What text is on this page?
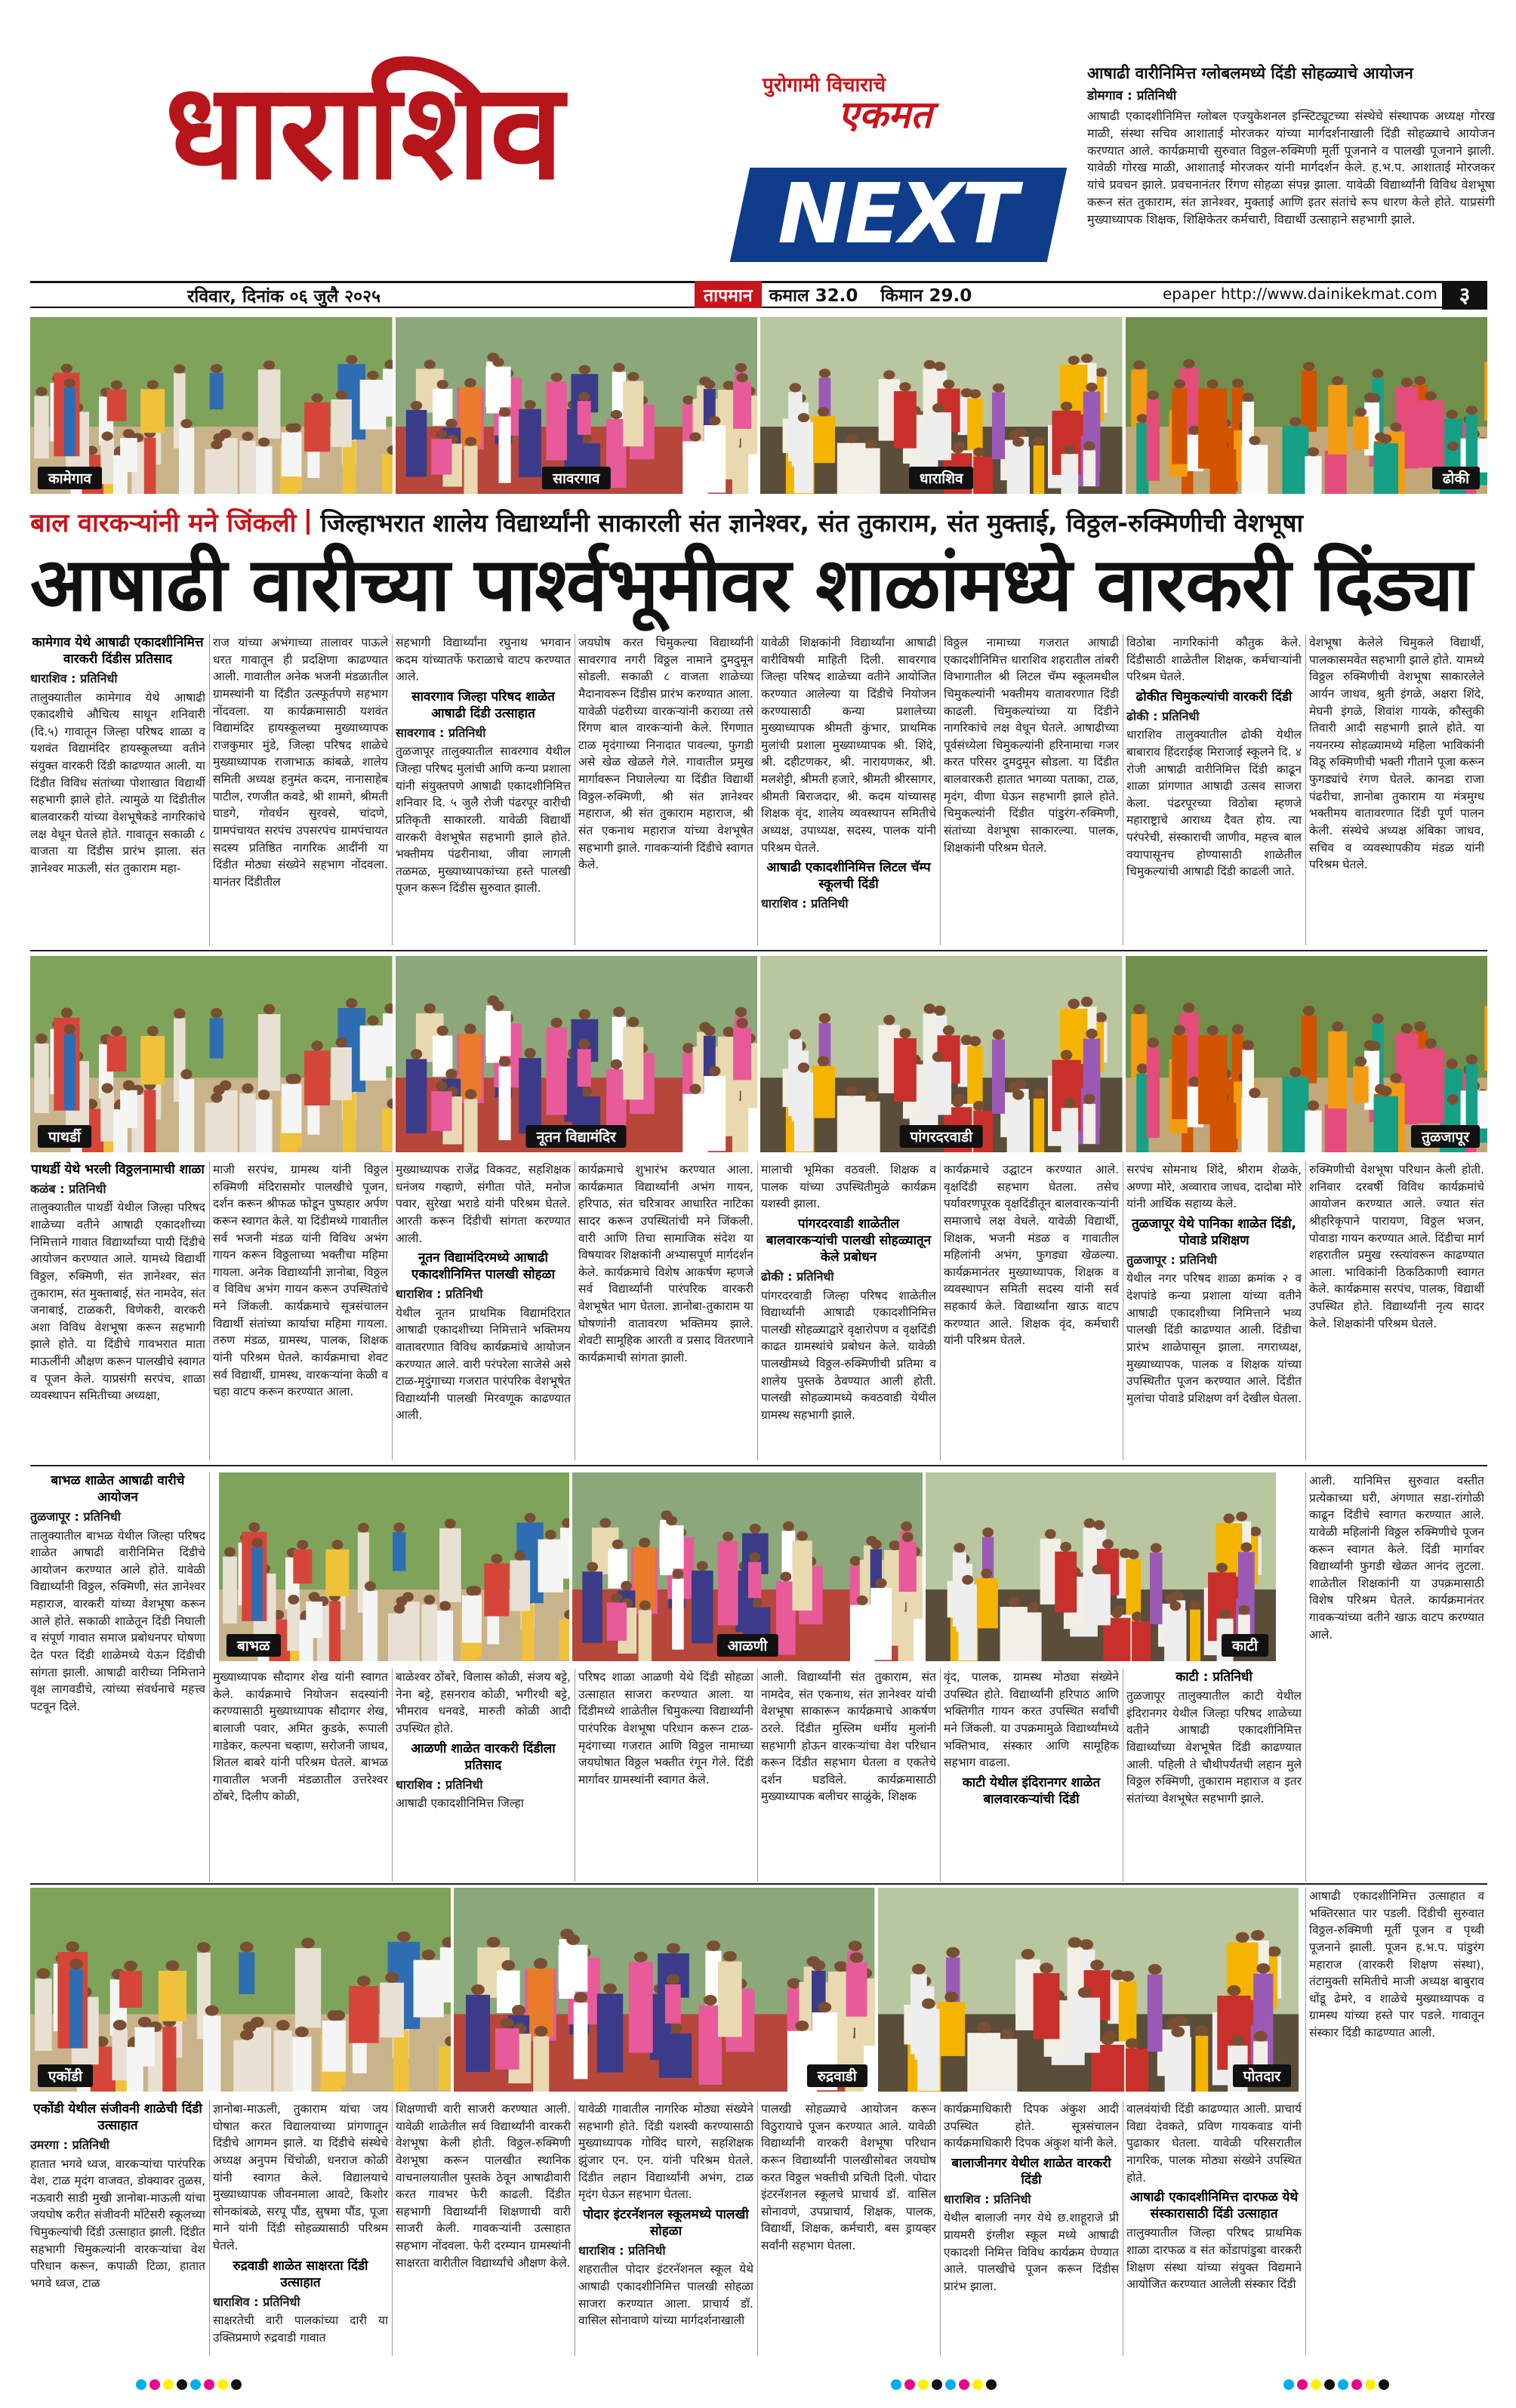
धाराशिव	पुरोगामी विचाराचे
एकमत
NEXT
आषाढी वारीनिमित्त ग्लोबलमध्ये दिंडी सोहळ्याचे आयोजन
डोमगाव : प्रतिनिधी
आषाढी एकादशीनिमित्त ग्लोबल एज्युकेशनल इन्स्टिट्यूटच्या संस्थेचे संस्थापक अध्यक्ष गोरख माळी, संस्था सचिव आशाताई मोरजकर यांच्या मार्गदर्शनाखाली दिंडी सोहळ्याचे आयोजन करण्यात आले. कार्यक्रमाची सुरुवात विठ्ठल-रुक्मिणी मूर्ती पूजनाने व पालखी पूजनाने झाली. यावेळी गोरख माळी, आशाताई मोरजकर यांनी मार्गदर्शन केले. ह.भ.प. आशाताई मोरजकर यांचे प्रवचन झाले. प्रवचनानंतर रिंगण सोहळा संपन्न झाला. यावेळी विद्यार्थ्यांनी विविध वेशभूषा करून संत तुकाराम, संत ज्ञानेश्वर, मुक्ताई आणि इतर संतांचे रूप धारण केले होते. याप्रसंगी मुख्याध्यापक शिक्षक, शिक्षिकेतर कर्मचारी, विद्यार्थी उत्साहाने सहभागी झाले.
रविवार, दिनांक ०६ जुलै २०२५	तापमान कमाल 32.0 किमान 29.0	epaper http://www.dainikekmat.com	३
कामेगाव	सावरगाव	धाराशिव	ढोकी
बाल वारकऱ्यांनी मने जिंकली जिल्हाभरात शालेय विद्यार्थ्यांनी साकारली संत ज्ञानेश्वर, संत तुकाराम, संत मुक्ताई, विठ्ठल-रुक्मिणीची वेशभूषा
आषाढी वारीच्या पार्श्वभूमीवर शाळांमध्ये वारकरी दिंड्या
पाथर्डी	नूतन विद्यामंदिर	पांगरदरवाडी	तुळजापूर
बाभळ	आळणी	काटी
एकोंडी	रुद्रवाडी	पोतदार
कामेगाव येथे आषाढी एकादशीनिमित्त वारकरी दिंडीस प्रतिसाद
धाराशिव : प्रतिनिधी

तालुक्यातील कामेगाव येथे आषाढी एकादशीचे औचित्य साधून शनिवारी (दि.५) गावातून जिल्हा परिषद शाळा व यशवंत विद्यामंदिर हायस्कूलच्या वतीने संयुक्त वारकरी दिंडी काढण्यात आली. या दिंडीत विविध संतांच्या पोशाखात विद्यार्थी सहभागी झाले होते. त्यामुळे या दिंडीतील बालवारकरी यांच्या वेशभूषेकडे नागरिकांचे लक्ष वेधून घेतले होते. गावातून सकाळी ८ वाजता या दिंडीस प्रारंभ झाला. संत ज्ञानेश्वर माऊली, संत तुकाराम महा-

राज यांच्या अभंगाच्या तालावर पाऊले धरत गावातून ही प्रदक्षिणा काढण्यात आली. गावातील अनेक भजनी मंडळातील ग्रामस्थांनी या दिंडीत उत्स्फूर्तपणे सहभाग नोंदवला. या कार्यक्रमासाठी यशवंत विद्यामंदिर हायस्कूलच्या मुख्याध्यापक राजकुमार मुंडे, जिल्हा परिषद शाळेचे मुख्याध्यापक राजाभाऊ कांबळे, शालेय समिती अध्यक्ष हनुमंत कदम, नानासाहेब पाटील, रणजीत कवडे, श्री शामगे, श्रीमती घाडगे, गोवर्धन सुरवसे, चांदणे, ग्रामपंचायत सरपंच उपसरपंच ग्रामपंचायत सदस्य प्रतिष्ठित नागरिक आदींनी या दिंडीत मोठ्या संख्येने सहभाग नोंदवला. यानंतर दिंडीतील

सहभागी विद्यार्थ्यांना रघुनाथ भगवान कदम यांच्यातर्फे फराळाचे वाटप करण्यात आले.

सावरगाव जिल्हा परिषद शाळेत आषाढी दिंडी उत्साहात
सावरगाव : प्रतिनिधी

तुळजापूर तालुक्यातील सावरगाव येथील जिल्हा परिषद मुलांची आणि कन्या प्रशाला यांनी संयुक्तपणे आषाढी एकादशीनिमित्त शनिवार दि. ५ जुलै रोजी पंढरपूर वारीची प्रतिकृती साकारली. यावेळी विद्यार्थी वारकरी वेशभूषेत सहभागी झाले होते. भक्तीमय पंढरीनाथा, जीवा लागली तळमळ, मुख्याध्यापकांच्या हस्ते पालखी पूजन करून दिंडीस सुरुवात झाली.

जयघोष करत चिमुकल्या विद्यार्थ्यांनी सावरगाव नगरी विठ्ठल नामाने दुमदुमून सोडली. सकाळी ८ वाजता शाळेच्या मैदानावरून दिंडीस प्रारंभ करण्यात आला. यावेळी पंढरीच्या वारकऱ्यांनी कराव्या तसे रिंगण बाल वारकऱ्यांनी केले. रिंगणात टाळ मृदंगाच्या निनादात पावल्या, फुगडी असे खेळ खेळले गेले. गावातील प्रमुख मार्गावरून निघालेल्या या दिंडीत विद्यार्थी विठ्ठल-रुक्मिणी, श्री संत ज्ञानेश्वर महाराज, श्री संत तुकाराम महाराज, श्री संत एकनाथ महाराज यांच्या वेशभूषेत सहभागी झाले. गावकऱ्यांनी दिंडीचे स्वागत केले.

यावेळी शिक्षकांनी विद्यार्थ्यांना आषाढी वारीविषयी माहिती दिली. सावरगाव जिल्हा परिषद शाळेच्या वतीने आयोजित करण्यात आलेल्या या दिंडीचे नियोजन करण्यासाठी कन्या प्रशालेच्या मुख्याध्यापक श्रीमती कुंभार, प्राथमिक मुलांची प्रशाला मुख्याध्यापक श्री. शिंदे, श्री. दहीटणकर, श्री. नारायणकर, श्री. मलशेट्टी, श्रीमती हजारे, श्रीमती श्रीरसागर, श्रीमती बिराजदार, श्री. कदम यांच्यासह शिक्षक वृंद, शालेय व्यवस्थापन समितीचे अध्यक्ष, उपाध्यक्ष, सदस्य, पालक यांनी परिश्रम घेतले.

आषाढी एकादशीनिमित्त लिटल चॅम्प स्कूलची दिंडी
धाराशिव : प्रतिनिधी

विठ्ठल नामाच्या गजरात आषाढी एकादशीनिमित्त धाराशिव शहरातील तांबरी विभागातील श्री लिटल चॅम्प स्कूलमधील चिमुकल्यांनी भक्तीमय वातावरणात दिंडी काढली. चिमुकल्यांच्या या दिंडीने नागरिकांचे लक्ष वेधून घेतले. आषाढीच्या पूर्वसंध्येला चिमुकल्यांनी हरिनामाचा गजर करत परिसर दुमदुमून सोडला. या दिंडीत बालवारकरी हातात भगव्या पताका, टाळ, मृदंग, वीणा घेऊन सहभागी झाले होते. चिमुकल्यांनी दिंडीत पांडुरंग-रुक्मिणी, संतांच्या वेशभूषा साकारल्या. पालक, शिक्षकांनी परिश्रम घेतले.

विठोबा नागरिकांनी कौतुक केले. दिंडीसाठी शाळेतील शिक्षक, कर्मचाऱ्यांनी परिश्रम घेतले.

ढोकीत चिमुकल्यांची वारकरी दिंडी
ढोकी : प्रतिनिधी

धाराशिव तालुक्यातील ढोकी येथील बाबाराव हिंदराईव्ह मिराजाई स्कूलने दि. ४ रोजी आषाढी वारीनिमित्त दिंडी काढून शाळा प्रांगणात आषाढी उत्सव साजरा केला. पंढरपूरच्या विठोबा म्हणजे महाराष्ट्राचे आराध्य दैवत होय. त्या परंपरेची, संस्काराची जाणीव, महत्त्व बाल वयापासूनच होण्यासाठी शाळेतील चिमुकल्यांची आषाढी दिंडी काढली जाते.

वेशभूषा केलेले चिमुकले विद्यार्थी, पालकासमवेत सहभागी झाले होते. यामध्ये विठ्ठल रुक्मिणीची वेशभूषा साकारलेले आर्यन जाधव, श्रुती इंगळे, अक्षरा शिंदे, मेघनी इंगळे, शिवांश गायके, कौस्तुकी तिवारी आदी सहभागी झाले होते. या नयनरम्य सोहळ्यामध्ये महिला भाविकांनी विठू रुक्मिणीची भक्ती गीताने पूजा करून फुगड्यांचे रंगण घेतले. कानडा राजा पंढरीचा, ज्ञानोबा तुकाराम या मंत्रमुग्ध भक्तीमय वातावरणात दिंडी पूर्ण पालन केली. संस्थेचे अध्यक्ष अंबिका जाधव, सचिव व व्यवस्थापकीय मंडळ यांनी परिश्रम घेतले.

पाथर्डी येथे भरली विठ्ठलनामाची शाळा
कळंब : प्रतिनिधी

तालुक्यातील पाथर्डी येथील जिल्हा परिषद शाळेच्या वतीने आषाढी एकादशीच्या निमित्ताने गावात विद्यार्थ्यांच्या पायी दिंडीचे आयोजन करण्यात आले. यामध्ये विद्यार्थी विठ्ठल, रुक्मिणी, संत ज्ञानेश्वर, संत तुकाराम, संत मुक्ताबाई, संत नामदेव, संत जनाबाई, टाळकरी, विणेकरी, वारकरी अशा विविध वेशभूषा करून सहभागी झाले होते. या दिंडीचे गावभरात माता माऊलींनी औक्षण करून पालखीचे स्वागत व पूजन केले. याप्रसंगी सरपंच, शाळा व्यवस्थापन समितीच्या अध्यक्षा,

माजी सरपंच, ग्रामस्थ यांनी विठ्ठल रुक्मिणी मंदिरासमोर पालखीचे पूजन, दर्शन करून श्रीफळ फोडून पुष्पहार अर्पण करून स्वागत केले. या दिंडीमध्ये गावातील सर्व भजनी मंडळ यांनी विविध अभंग गायन करून विठ्ठलाच्या भक्तीचा महिमा गायला. अनेक विद्यार्थ्यांनी ज्ञानोबा, विठ्ठल व विविध अभंग गायन करून उपस्थितांचे मने जिंकली. कार्यक्रमाचे सूत्रसंचालन विद्यार्थी संतांच्या कार्याचा महिमा गायला. तरुण मंडळ, ग्रामस्थ, पालक, शिक्षक यांनी परिश्रम घेतले. कार्यक्रमाचा शेवट सर्व विद्यार्थी, ग्रामस्थ, वारकऱ्यांना केळी व चहा वाटप करून करण्यात आला.

मुख्याध्यापक राजेंद्र विकवट, सहशिक्षक धनंजय गव्हाणे, संगीता पोते, मनोज पवार, सुरेखा भराडे यांनी परिश्रम घेतले. आरती करून दिंडीची सांगता करण्यात आली.

नूतन विद्यामंदिरमध्ये आषाढी एकादशीनिमित्त पालखी सोहळा
धाराशिव : प्रतिनिधी

येथील नूतन प्राथमिक विद्यामंदिरात आषाढी एकादशीच्या निमित्ताने भक्तिमय वातावरणात विविध कार्यक्रमांचे आयोजन करण्यात आले. वारी परंपरेला साजेसे असे टाळ-मृदुंगाच्या गजरात पारंपरिक वेशभूषेत विद्यार्थ्यांनी पालखी मिरवणूक काढण्यात आली.

कार्यक्रमाचे शुभारंभ करण्यात आला. कार्यक्रमात विद्यार्थ्यांनी अभंग गायन, हरिपाठ, संत चरित्रावर आधारित नाटिका सादर करून उपस्थितांची मने जिंकली. वारी आणि तिचा सामाजिक संदेश या विषयावर शिक्षकांनी अभ्यासपूर्ण मार्गदर्शन केले. कार्यक्रमाचे विशेष आकर्षण म्हणजे सर्व विद्यार्थ्यांनी पारंपरिक वारकरी वेशभूषेत भाग घेतला. ज्ञानोबा-तुकाराम या घोषणांनी वातावरण भक्तिमय झाले. शेवटी सामूहिक आरती व प्रसाद वितरणाने कार्यक्रमाची सांगता झाली.

मालाची भूमिका वठवली. शिक्षक व पालक यांच्या उपस्थितीमुळे कार्यक्रम यशस्वी झाला.

पांगरदरवाडी शाळेतील बालवारकऱ्यांची पालखी सोहळ्यातून केले प्रबोधन
ढोकी : प्रतिनिधी

पांगरदरवाडी जिल्हा परिषद शाळेतील विद्यार्थ्यांनी आषाढी एकादशीनिमित्त पालखी सोहळ्याद्वारे वृक्षारोपण व वृक्षदिंडी काढत ग्रामस्थांचे प्रबोधन केले. यावेळी पालखीमध्ये विठ्ठल-रुक्मिणीची प्रतिमा व शालेय पुस्तके ठेवण्यात आली होती. पालखी सोहळ्यामध्ये कवठवाडी येथील ग्रामस्थ सहभागी झाले.

कार्यक्रमाचे उद्घाटन करण्यात आले. वृक्षदिंडी सहभाग घेतला. तसेच पर्यावरणपूरक वृक्षदिंडीतून बालवारकऱ्यांनी समाजाचे लक्ष वेधले. यावेळी विद्यार्थी, शिक्षक, भजनी मंडळ व गावातील महिलांनी अभंग, फुगड्या खेळल्या. कार्यक्रमानंतर मुख्याध्यापक, शिक्षक व व्यवस्थापन समिती सदस्य यांनी सर्व सहकार्य केले. विद्यार्थ्यांना खाऊ वाटप करण्यात आले. शिक्षक वृंद, कर्मचारी यांनी परिश्रम घेतले.

सरपंच सोमनाथ शिंदे, श्रीराम शेळके, अण्णा मोरे, अव्वाराव जाधव, दादोबा मोरे यांनी आर्थिक सहाय्य केले.

तुळजापूर येथे पानिका शाळेत दिंडी, पोवाडे प्रशिक्षण
तुळजापूर : प्रतिनिधी

येथील नगर परिषद शाळा क्रमांक २ व देशपांडे कन्या प्रशाला यांच्या वतीने आषाढी एकादशीच्या निमित्ताने भव्य पालखी दिंडी काढण्यात आली. दिंडीचा प्रारंभ शाळेपासून झाला. नगराध्यक्ष, मुख्याध्यापक, पालक व शिक्षक यांच्या उपस्थितीत पूजन करण्यात आले. दिंडीत मुलांचा पोवाडे प्रशिक्षण वर्ग देखील घेतला.

रुक्मिणीची वेशभूषा परिधान केली होती. शनिवार दरवर्षी विविध कार्यक्रमांचे आयोजन करण्यात आले. ज्यात संत श्रीहरिकृपाने पारायण, विठ्ठल भजन, पोवाडा गायन करण्यात आले. दिंडीचा मार्ग शहरातील प्रमुख रस्त्यांवरून काढण्यात आला. भाविकांनी ठिकठिकाणी स्वागत केले. कार्यक्रमास सरपंच, पालक, विद्यार्थी उपस्थित होते. विद्यार्थ्यांनी नृत्य सादर केले. शिक्षकांनी परिश्रम घेतले.

बाभळ शाळेत आषाढी वारीचे आयोजन
तुळजापूर : प्रतिनिधी

तालुक्यातील बाभळ येथील जिल्हा परिषद शाळेत आषाढी वारीनिमित्त दिंडीचे आयोजन करण्यात आले होते. यावेळी विद्यार्थ्यांनी विठ्ठल, रुक्मिणी, संत ज्ञानेश्वर महाराज, वारकरी यांच्या वेशभूषा करून आले होते. सकाळी शाळेतून दिंडी निघाली व संपूर्ण गावात समाज प्रबोधनपर घोषणा देत परत दिंडी शाळेमध्ये येऊन दिंडीची सांगता झाली. आषाढी वारीच्या निमित्ताने वृक्ष लागवडीचे, त्यांच्या संवर्धनाचे महत्त्व पटवून दिले.

आली. यानिमित्त सुरुवात वस्तीत प्रत्येकाच्या घरी, अंगणात सडा-रांगोळी काढून दिंडीचे स्वागत करण्यात आले. यावेळी महिलांनी विठ्ठल रुक्मिणीचे पूजन करून स्वागत केले. दिंडी मार्गावर विद्यार्थ्यांनी फुगडी खेळत आनंद लुटला. शाळेतील शिक्षकांनी या उपक्रमासाठी विशेष परिश्रम घेतले. कार्यक्रमानंतर गावकऱ्यांच्या वतीने खाऊ वाटप करण्यात आले.

मुख्याध्यापक सौदागर शेख यांनी स्वागत केले. कार्यक्रमाचे नियोजन सदस्यांनी करण्यासाठी मुख्याध्यापक सौदागर शेख, बालाजी पवार, अमित कुडके, रूपाली गाडेकर, कल्पना चव्हाण, सरोजनी जाधव, शितल बाबरे यांनी परिश्रम घेतले. बाभळ गावातील भजनी मंडळातील उत्तरेश्वर ठोंबरे, दिलीप कोळी,

बाळेश्वर ठोंबरे, विलास कोळी, संजय बट्टे, नेना बट्टे, हसनराव कोळी, भगीरथी बट्टे, भीमराव धनवडे, मारुती कोळी आदी उपस्थित होते.

आळणी शाळेत वारकरी दिंडीला प्रतिसाद
धाराशिव : प्रतिनिधी

आषाढी एकादशीनिमित्त जिल्हा

परिषद शाळा आळणी येथे दिंडी सोहळा उत्साहात साजरा करण्यात आला. या दिंडीमध्ये शाळेतील चिमुकल्या विद्यार्थ्यांनी पारंपरिक वेशभूषा परिधान करून टाळ-मृदंगाच्या गजरात आणि विठ्ठल नामाच्या जयघोषात विठ्ठल भक्तीत रंगून गेले. दिंडी मार्गावर ग्रामस्थांनी स्वागत केले.

आली. विद्यार्थ्यांनी संत तुकाराम, संत नामदेव, संत एकनाथ, संत ज्ञानेश्वर यांची वेशभूषा साकारून कार्यक्रमाचे आकर्षण ठरले. दिंडीत मुस्लिम धर्मीय मुलांनी सहभागी होऊन वारकऱ्यांचा वेश परिधान करून दिंडीत सहभाग घेतला व एकतेचे दर्शन घडविले. कार्यक्रमासाठी मुख्याध्यापक बलीचर साळुंके, शिक्षक

वृंद, पालक, ग्रामस्थ मोठ्या संख्येने उपस्थित होते. विद्यार्थ्यांनी हरिपाठ आणि भक्तिगीत गायन करत उपस्थित सर्वांची मने जिंकली. या उपक्रमामुळे विद्यार्थ्यांमध्ये भक्तिभाव, संस्कार आणि सामूहिक सहभाग वाढला.

काटी येथील इंदिरानगर शाळेत बालवारकऱ्यांची दिंडी
काटी : प्रतिनिधी

तुळजापूर तालुक्यातील काटी येथील इंदिरानगर येथील जिल्हा परिषद शाळेच्या वतीने आषाढी एकादशीनिमित्त विद्यार्थ्यांच्या वेशभूषेत दिंडी काढण्यात आली. पहिली ते चौथीपर्यंतची लहान मुले विठ्ठल रुक्मिणी, तुकाराम महाराज व इतर संतांच्या वेशभूषेत सहभागी झाले.

आषाढी एकादशीनिमित्त उत्साहात व भक्तिरसात पार पडली. दिंडीची सुरुवात विठ्ठल-रुक्मिणी मूर्ती पूजन व पृथ्वी पूजनाने झाली. पूजन ह.भ.प. पांडुरंग महाराज (वारकरी शिक्षण संस्था), तंटामुक्ती समितीचे माजी अध्यक्ष बाबुराव धोंडू ढेमरे, व शाळेचे मुख्याध्यापक व ग्रामस्थ यांच्या हस्ते पार पडले. गावातून संस्कार दिंडी काढण्यात आली.

एकोंडी येथील संजीवनी शाळेची दिंडी उत्साहात
उमरगा : प्रतिनिधी

हातात भगवे ध्वज, वारकऱ्यांचा पारंपरिक वेश, टाळ मृदंग वाजवत, डोक्यावर तुळस, नऊवारी साडी मुखी ज्ञानोबा-माऊली यांचा जयघोष करीत संजीवनी माँटेसरी स्कूलच्या चिमुकल्यांची दिंडी उत्साहात झाली. दिंडीत सहभागी चिमुकल्यांनी वारकऱ्यांचा वेश परिधान करून, कपाळी टिळा, हातात भगवे ध्वज, टाळ

ज्ञानोबा-माऊली, तुकाराम यांचा जय घोषात करत विद्यालयाच्या प्रांगणातून दिंडीचे आगमन झाले. या दिंडीचे संस्थेचे अध्यक्ष अनुपम चिंचोळी, धनराज कोळी यांनी स्वागत केले. विद्यालयाचे मुख्याध्यापक जीवनमाला आवटे, किशोर सोनकांबळे, सरपू पौंड, सुषमा पौंड, पूजा माने यांनी दिंडी सोहळ्यासाठी परिश्रम घेतले.

रुद्रवाडी शाळेत साक्षरता दिंडी उत्साहात
धाराशिव : प्रतिनिधी

साक्षरतेची वारी पालकांच्या दारी या उक्तिप्रमाणे रुद्रवाडी गावात

शिक्षणाची वारी साजरी करण्यात आली. यावेळी शाळेतील सर्व विद्यार्थ्यांनी वारकरी वेशभूषा केली होती. विठ्ठल-रुक्मिणी वेशभूषा करून पालखीत स्थानिक वाचनालयातील पुस्तके ठेवून आषाढीवारी करत गावभर फेरी काढली. दिंडीत सहभागी विद्यार्थ्यांनी शिक्षणाची वारी साजरी केली. गावकऱ्यांनी उत्साहात सहभाग नोंदवला. फेरी दरम्यान ग्रामस्थांनी साक्षरता वारीतील विद्यार्थ्यांचे औक्षण केले.

यावेळी गावातील नागरिक मोठ्या संख्येने सहभागी होते. दिंडी यशस्वी करण्यासाठी मुख्याध्यापक गोविंद घारगे, सहशिक्षक झुंजार एन. एन. यांनी परिश्रम घेतले. दिंडीत लहान विद्यार्थ्यांनी अभंग, टाळ मृदंग घेऊन सहभाग घेतला.

पोदार इंटरनॅशनल स्कूलमध्ये पालखी सोहळा
धाराशिव : प्रतिनिधी

शहरातील पोदार इंटरनॅशनल स्कूल येथे आषाढी एकादशीनिमित्त पालखी सोहळा साजरा करण्यात आला. प्राचार्य डॉ. वासिल सोनावाणे यांच्या मार्गदर्शनाखाली

पालखी सोहळ्याचे आयोजन करून विठुरायाचे पूजन करण्यात आले. यावेळी विद्यार्थ्यांनी वारकरी वेशभूषा परिधान करून विद्यार्थ्यांनी पालखीसोबत जयघोष करत विठ्ठल भक्तीची प्रचिती दिली. पोदार इंटरनॅशनल स्कूलचे प्राचार्य डॉ. वासिल सोनावणे, उपप्राचार्य, शिक्षक, पालक, विद्यार्थी, शिक्षक, कर्मचारी, बस ड्रायव्हर सर्वांनी सहभाग घेतला.

कार्यक्रमाधिकारी दिपक अंकुश आदी उपस्थित होते. सूत्रसंचालन कार्यक्रमाधिकारी दिपक अंकुश यांनी केले.

बालाजीनगर येथील शाळेत वारकरी दिंडी
धाराशिव : प्रतिनिधी

येथील बालाजी नगर येथे छ.शाहूराजे प्री प्रायमरी इंग्लीश स्कूल मध्ये आषाढी एकादशी निमित्त विविध कार्यक्रम घेण्यात आले. पालखीचे पूजन करून दिंडीस प्रारंभ झाला.

वालवंयांची दिंडी काढण्यात आली. प्राचार्य विद्या देवकते, प्रविण गायकवाड यांनी पुढाकार घेतला. यावेळी परिसरातील नागरिक, पालक मोठ्या संख्येने उपस्थित होते.

आषाढी एकादशीनिमित्त दारफळ येथे संस्कारासाठी दिंडी उत्साहात

तालुक्यातील जिल्हा परिषद प्राथमिक शाळा दारफळ व संत कोंडापांडुबा वारकरी शिक्षण संस्था यांच्या संयुक्त विद्यमाने आयोजित करण्यात आलेली संस्कार दिंडी
